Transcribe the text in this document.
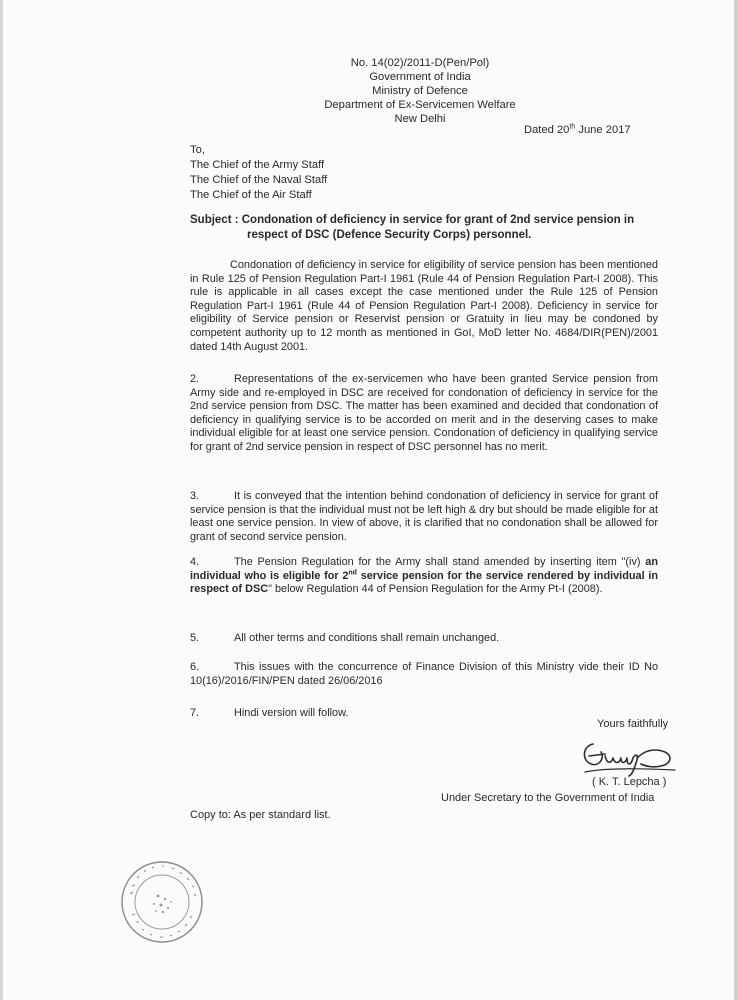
No. 14(02)/2011-D(Pen/Pol)
Government of India
Ministry of Defence
Department of Ex-Servicemen Welfare
New Delhi
Dated 20th June 2017
To,
The Chief of the Army Staff
The Chief of the Naval Staff
The Chief of the Air Staff
Subject : Condonation of deficiency in service for grant of 2nd service pension in
respect of DSC (Defence Security Corps) personnel.
Condonation of deficiency in service for eligibility of service pension has been mentioned in Rule 125 of Pension Regulation Part-I 1961 (Rule 44 of Pension Regulation Part-I 2008). This rule is applicable in all cases except the case mentioned under the Rule 125 of Pension Regulation Part-I 1961 (Rule 44 of Pension Regulation Part-I 2008). Deficiency in service for eligibility of Service pension or Reservist pension or Gratuity in lieu may be condoned by competent authority up to 12 month as mentioned in GoI, MoD letter No. 4684/DIR(PEN)/2001 dated 14th August 2001.
2.	Representations of the ex-servicemen who have been granted Service pension from Army side and re-employed in DSC are received for condonation of deficiency in service for the 2nd service pension from DSC. The matter has been examined and decided that condonation of deficiency in qualifying service is to be accorded on merit and in the deserving cases to make individual eligible for at least one service pension. Condonation of deficiency in qualifying service for grant of 2nd service pension in respect of DSC personnel has no merit.
3.	It is conveyed that the intention behind condonation of deficiency in service for grant of service pension is that the individual must not be left high & dry but should be made eligible for at least one service pension. In view of above, it is clarified that no condonation shall be allowed for grant of second service pension.
4.	The Pension Regulation for the Army shall stand amended by inserting item "(iv) an individual who is eligible for 2nd service pension for the service rendered by individual in respect of DSC" below Regulation 44 of Pension Regulation for the Army Pt-I (2008).
5.	All other terms and conditions shall remain unchanged.
6.	This issues with the concurrence of Finance Division of this Ministry vide their ID No 10(16)/2016/FIN/PEN dated 26/06/2016
7.	Hindi version will follow.
Yours faithfully
( K. T. Lepcha )
Under Secretary to the Government of India
Copy to: As per standard list.
